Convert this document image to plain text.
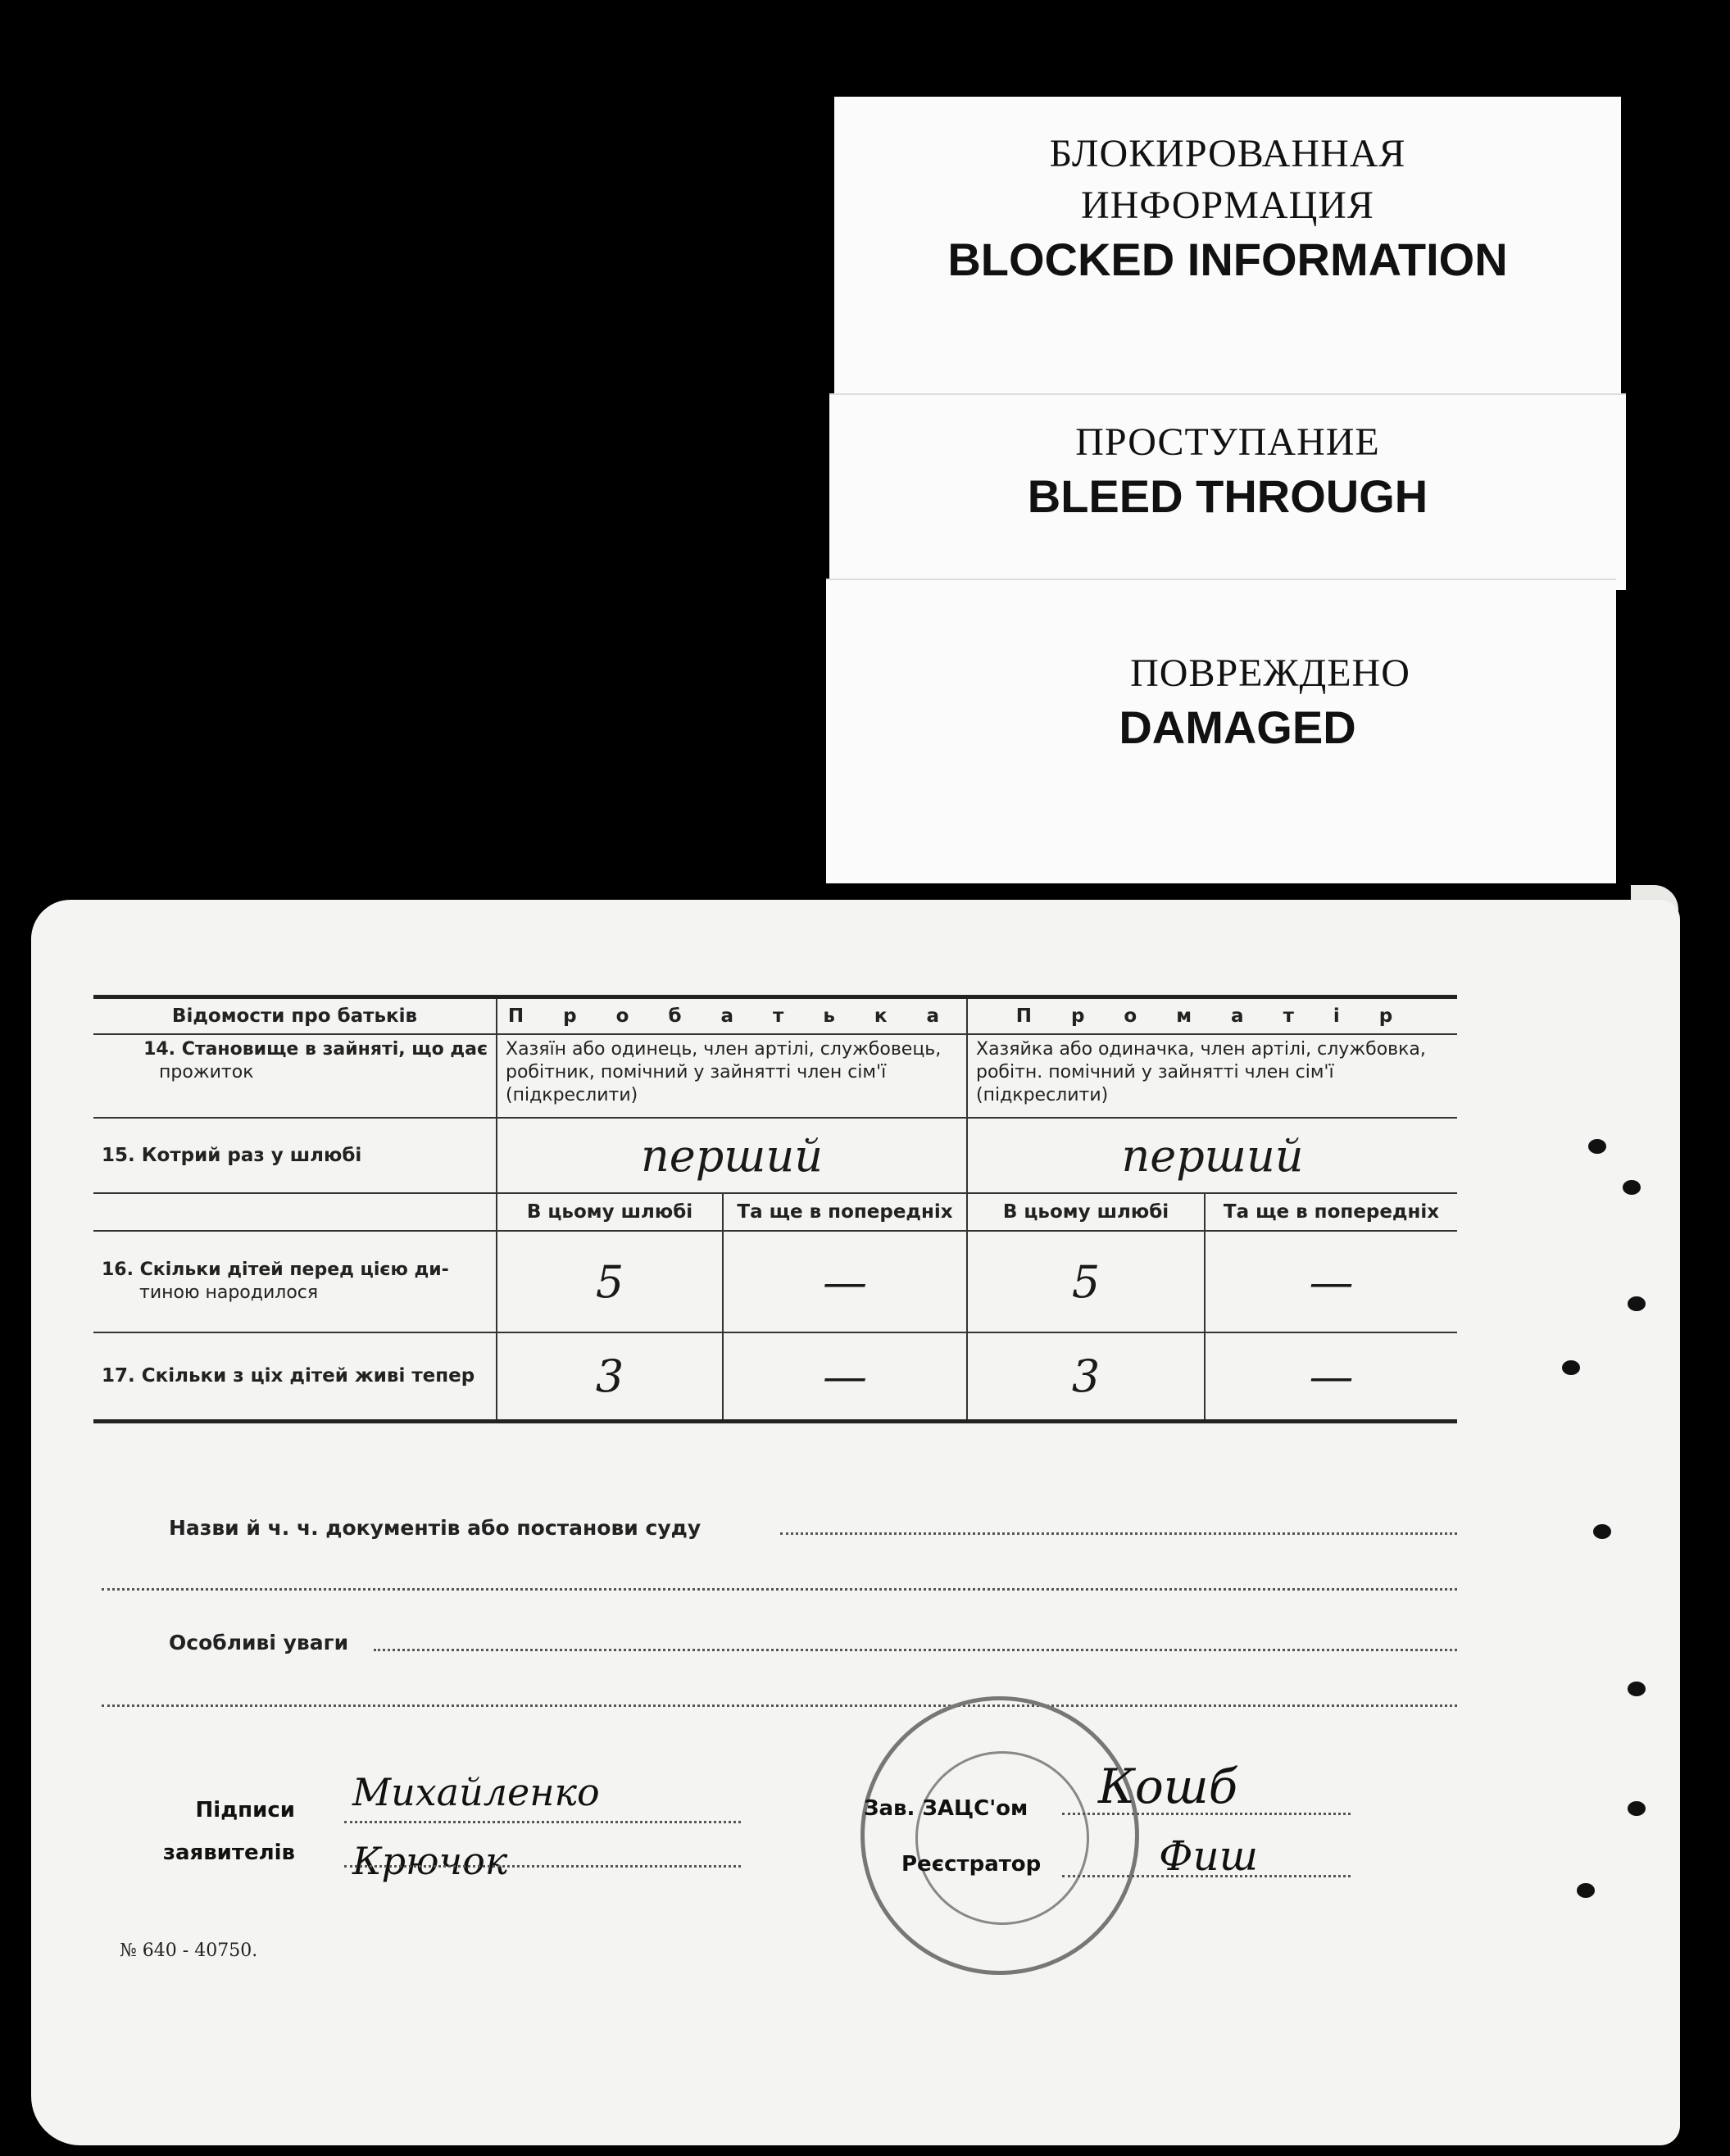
БЛОКИРОВАННАЯ
ИНФОРМАЦИЯ
BLOCKED INFORMATION
ПРОСТУПАНИЕ
BLEED THROUGH
ПОВРЕЖДЕНО
DAMAGED
Відомости про батьків	П р о б а т ь к а		П р о м а т і р	

14. Становище в зайняті, що дає
прожиток	Хазяїн або одинець, член артілі, службовець, робітник, помічний у зайнятті член сім'ї (підкреслити)		Хазяйка або одиначка, член артілі, службовка, робітн. помічний у зайнятті член сім'ї (підкреслити)	
15. Котрий раз у шлюбі	перший		перший	
	В цьому шлюбі	Та ще в попередніх	В цьому шлюбі	Та ще в попередніх

16. Скільки дітей перед цією ди-
тиною народилося	5	—	5	—
17. Скільки з ціх дітей живі тепер	3	—	3	—
Назви й ч. ч. документів або постанови суду
Особливі уваги
Підписи
заявителів
Михайленко
Крючок
Зав. ЗАЦС'ом Кошб
Реєстратор	Фиш
№ 640 - 40750.
